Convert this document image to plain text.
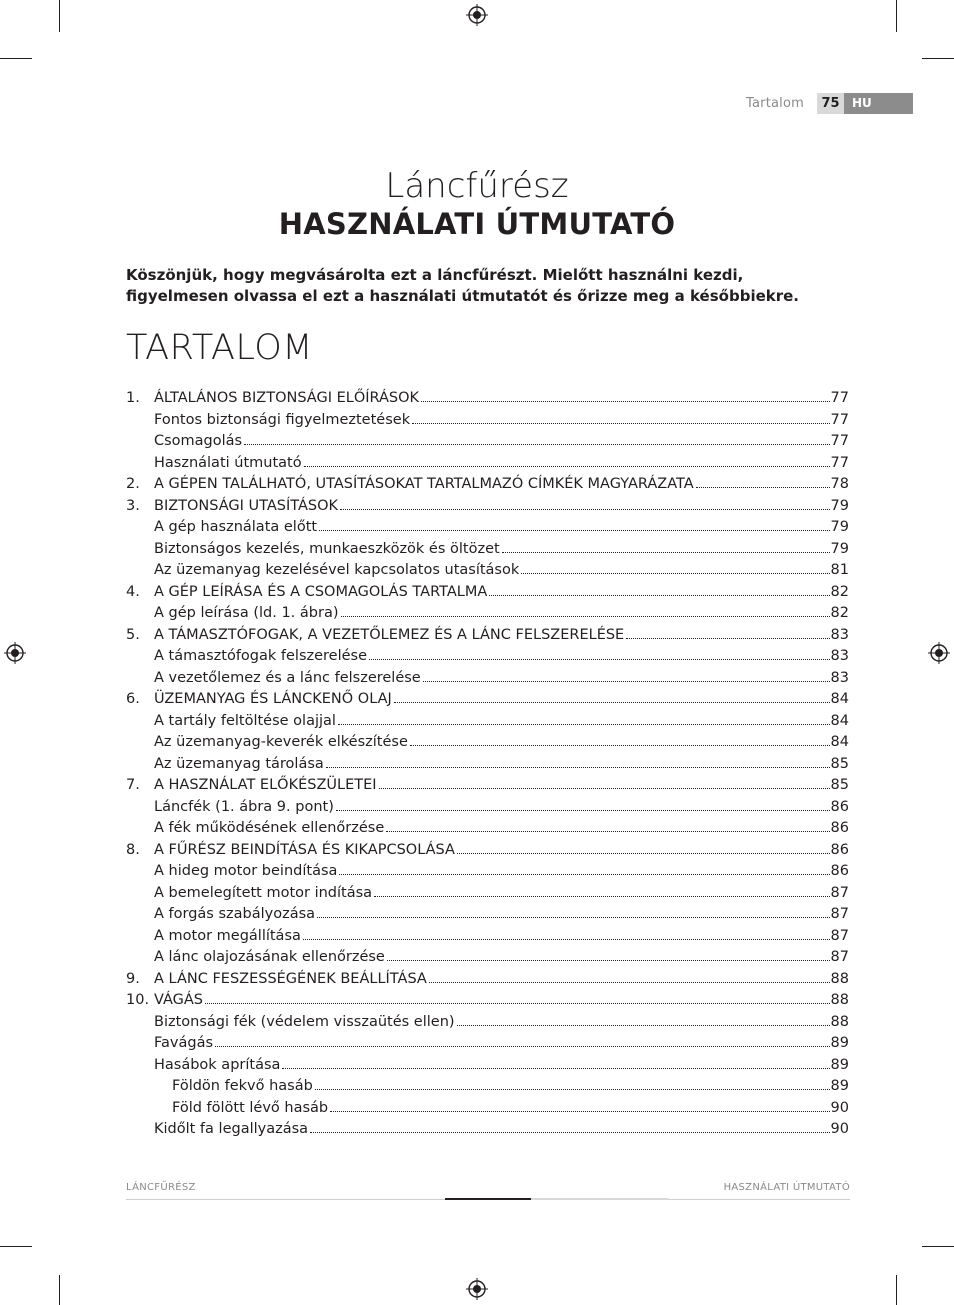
Tartalom	75	HU
Láncfűrész
HASZNÁLATI ÚTMUTATÓ
Köszönjük, hogy megvásárolta ezt a láncfűrészt. Mielőtt használni kezdi, figyelmesen olvassa el ezt a használati útmutatót és őrizze meg a későbbiekre.
TARTALOM
1. ÁLTALÁNOS BIZTONSÁGI ELŐÍRÁSOK	77
Fontos biztonsági figyelmeztetések	77
Csomagolás	77
Használati útmutató	77
2. A GÉPEN TALÁLHATÓ, UTASÍTÁSOKAT TARTALMAZÓ CÍMKÉK MAGYARÁZATA	78
3. BIZTONSÁGI UTASÍTÁSOK	79
A gép használata előtt	79
Biztonságos kezelés, munkaeszközök és öltözet	79
Az üzemanyag kezelésével kapcsolatos utasítások	81
4. A GÉP LEÍRÁSA ÉS A CSOMAGOLÁS TARTALMA	82
A gép leírása (ld. 1. ábra)	82
5. A TÁMASZTÓFOGAK, A VEZETŐLEMEZ ÉS A LÁNC FELSZERELÉSE	83
A támasztófogak felszerelése	83
A vezetőlemez és a lánc felszerelése	83
6. ÜZEMANYAG ÉS LÁNCKENŐ OLAJ	84
A tartály feltöltése olajjal	84
Az üzemanyag-keverék elkészítése	84
Az üzemanyag tárolása	85
7. A HASZNÁLAT ELŐKÉSZÜLETEI	85
Láncfék (1. ábra 9. pont)	86
A fék működésének ellenőrzése	86
8. A FŰRÉSZ BEINDÍTÁSA ÉS KIKAPCSOLÁSA	86
A hideg motor beindítása	86
A bemelegített motor indítása	87
A forgás szabályozása	87
A motor megállítása	87
A lánc olajozásának ellenőrzése	87
9. A LÁNC FESZESSÉGÉNEK BEÁLLÍTÁSA	88
10. VÁGÁS	88
Biztonsági fék (védelem visszaütés ellen)	88
Favágás	89
Hasábok aprítása	89
Földön fekvő hasáb	89
Föld fölött lévő hasáb	90
Kidőlt fa legallyazása	90
LÁNCFŰRÉSZ	HASZNÁLATI ÚTMUTATÓ
